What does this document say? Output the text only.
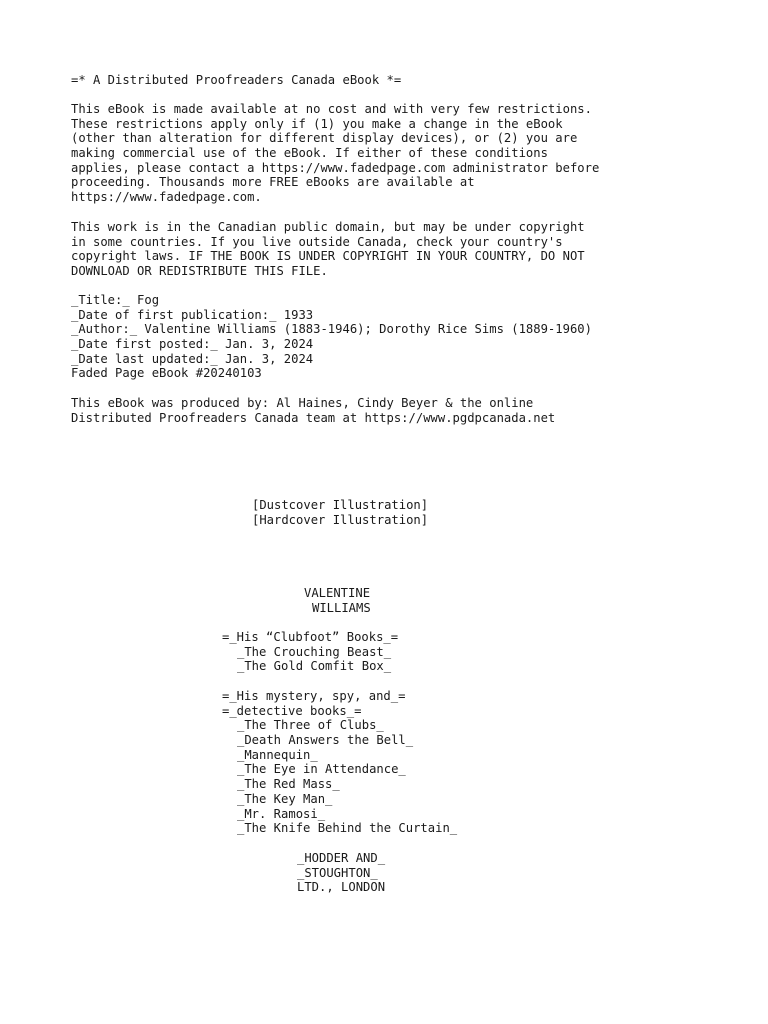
=* A Distributed Proofreaders Canada eBook *=
This eBook is made available at no cost and with very few restrictions.
These restrictions apply only if (1) you make a change in the eBook
(other than alteration for different display devices), or (2) you are
making commercial use of the eBook. If either of these conditions
applies, please contact a https://www.fadedpage.com administrator before
proceeding. Thousands more FREE eBooks are available at
https://www.fadedpage.com.
This work is in the Canadian public domain, but may be under copyright
in some countries. If you live outside Canada, check your country's
copyright laws. IF THE BOOK IS UNDER COPYRIGHT IN YOUR COUNTRY, DO NOT
DOWNLOAD OR REDISTRIBUTE THIS FILE.
_Title:_ Fog
_Date of first publication:_ 1933
_Author:_ Valentine Williams (1883-1946); Dorothy Rice Sims (1889-1960)
_Date first posted:_ Jan. 3, 2024
_Date last updated:_ Jan. 3, 2024
Faded Page eBook #20240103
This eBook was produced by: Al Haines, Cindy Beyer & the online
Distributed Proofreaders Canada team at https://www.pgdpcanada.net
[Dustcover Illustration]
[Hardcover Illustration]
VALENTINE
WILLIAMS
=_His “Clubfoot” Books_=
_The Crouching Beast_
_The Gold Comfit Box_
=_His mystery, spy, and_=
=_detective books_=
_The Three of Clubs_
_Death Answers the Bell_
_Mannequin_
_The Eye in Attendance_
_The Red Mass_
_The Key Man_
_Mr. Ramosi_
_The Knife Behind the Curtain_
_HODDER AND_
_STOUGHTON_
LTD., LONDON
